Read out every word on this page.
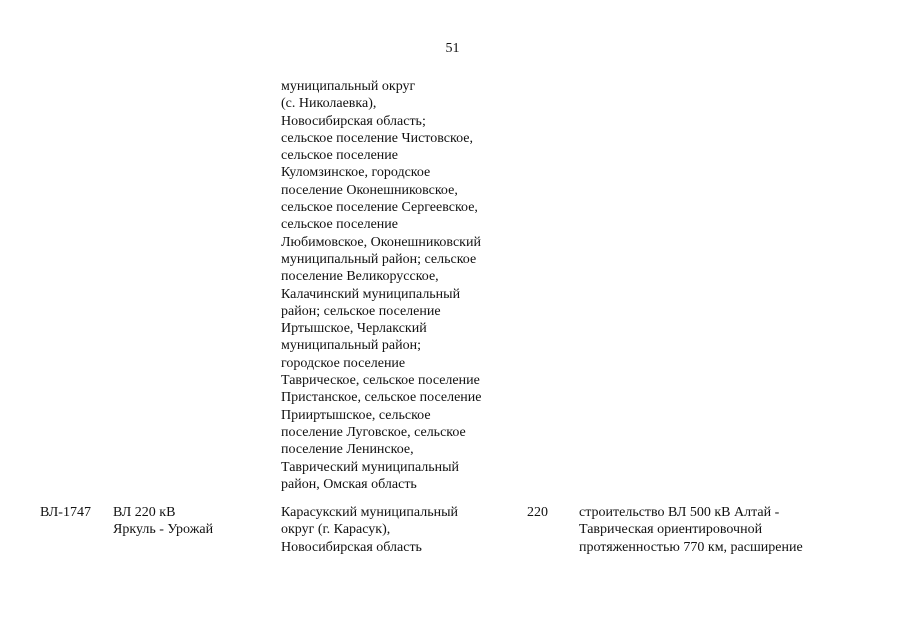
51
муниципальный округ
(с. Николаевка),
Новосибирская область;
сельское поселение Чистовское,
сельское поселение
Куломзинское, городское
поселение Оконешниковское,
сельское поселение Сергеевское,
сельское поселение
Любимовское, Оконешниковский
муниципальный район; сельское
поселение Великорусское,
Калачинский муниципальный
район; сельское поселение
Иртышское, Черлакский
муниципальный район;
городское поселение
Таврическое, сельское поселение
Пристанское, сельское поселение
Прииртышское, сельское
поселение Луговское, сельское
поселение Ленинское,
Таврический муниципальный
район, Омская область
ВЛ-1747 ВЛ 220 кВ
Яркуль - Урожай
Карасукский муниципальный
округ (г. Карасук),
Новосибирская область
220 строительство ВЛ 500 кВ Алтай -
Таврическая ориентировочной
протяженностью 770 км, расширение
